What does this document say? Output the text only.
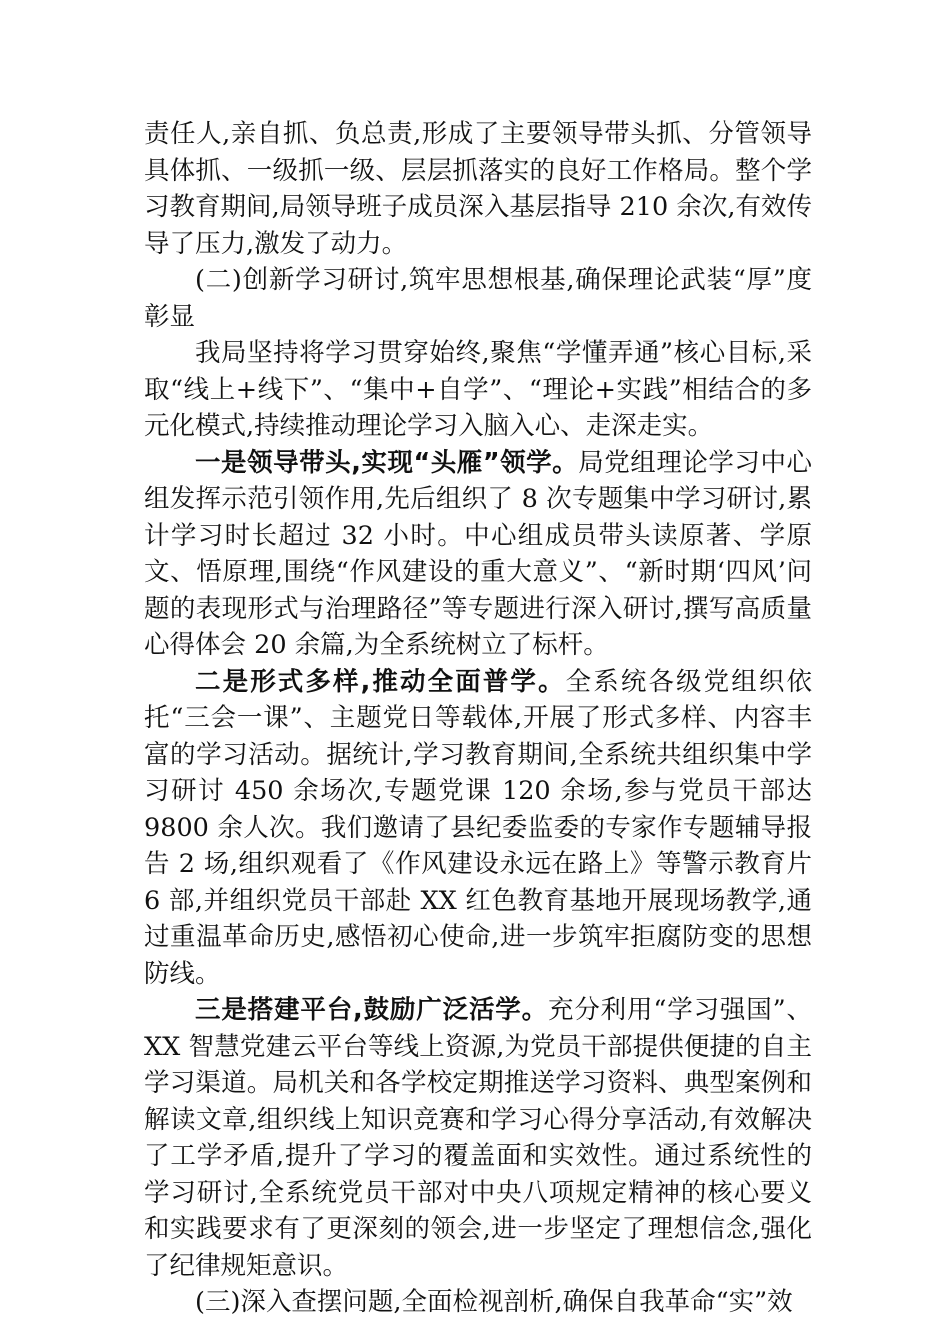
责任人,亲自抓、负总责,形成了主要领导带头抓、分管领导具体抓、一级抓一级、层层抓落实的良好工作格局。整个学习教育期间,局领导班子成员深入基层指导 210 余次,有效传导了压力,激发了动力。

(二)创新学习研讨,筑牢思想根基,确保理论武装“厚”度彰显

我局坚持将学习贯穿始终,聚焦“学懂弄通”核心目标,采取“线上+线下”、“集中+自学”、“理论+实践”相结合的多元化模式,持续推动理论学习入脑入心、走深走实。

一是领导带头,实现“头雁”领学。局党组理论学习中心组发挥示范引领作用,先后组织了 8 次专题集中学习研讨,累计学习时长超过 32 小时。中心组成员带头读原著、学原文、悟原理,围绕“作风建设的重大意义”、“新时期‘四风’问题的表现形式与治理路径”等专题进行深入研讨,撰写高质量心得体会 20 余篇,为全系统树立了标杆。

二是形式多样,推动全面普学。全系统各级党组织依托“三会一课”、主题党日等载体,开展了形式多样、内容丰富的学习活动。据统计,学习教育期间,全系统共组织集中学习研讨 450 余场次,专题党课 120 余场,参与党员干部达 9800 余人次。我们邀请了县纪委监委的专家作专题辅导报告 2 场,组织观看了《作风建设永远在路上》等警示教育片 6 部,并组织党员干部赴 XX 红色教育基地开展现场教学,通过重温革命历史,感悟初心使命,进一步筑牢拒腐防变的思想防线。

三是搭建平台,鼓励广泛活学。充分利用“学习强国”、XX 智慧党建云平台等线上资源,为党员干部提供便捷的自主学习渠道。局机关和各学校定期推送学习资料、典型案例和解读文章,组织线上知识竞赛和学习心得分享活动,有效解决了工学矛盾,提升了学习的覆盖面和实效性。通过系统性的学习研讨,全系统党员干部对中央八项规定精神的核心要义和实践要求有了更深刻的领会,进一步坚定了理想信念,强化了纪律规矩意识。

(三)深入查摆问题,全面检视剖析,确保自我革命“实”效
